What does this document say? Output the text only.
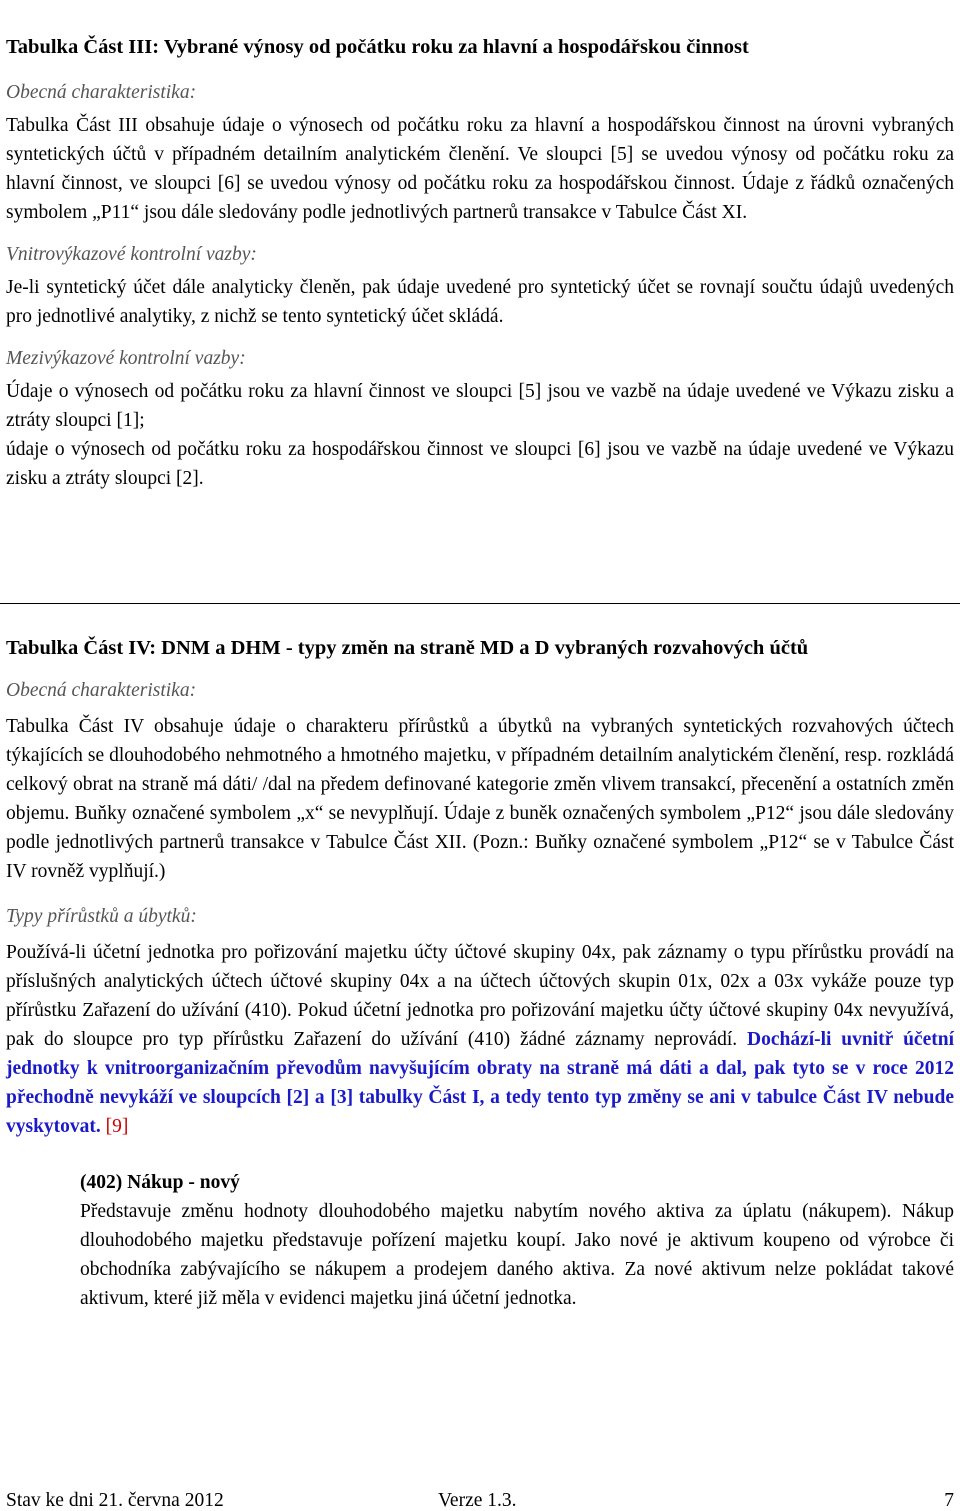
Tabulka Část III: Vybrané výnosy od počátku roku za hlavní a hospodářskou činnost

Obecná charakteristika:

Tabulka Část III obsahuje údaje o výnosech od počátku roku za hlavní a hospodářskou činnost na úrovni vybraných syntetických účtů v případném detailním analytickém členění. Ve sloupci [5] se uvedou výnosy od počátku roku za hlavní činnost, ve sloupci [6] se uvedou výnosy od počátku roku za hospodářskou činnost. Údaje z řádků označených symbolem „P11“ jsou dále sledovány podle jednotlivých partnerů transakce v Tabulce Část XI.

Vnitrovýkazové kontrolní vazby:

Je-li syntetický účet dále analyticky členěn, pak údaje uvedené pro syntetický účet se rovnají součtu údajů uvedených pro jednotlivé analytiky, z nichž se tento syntetický účet skládá.

Mezivýkazové kontrolní vazby:

Údaje o výnosech od počátku roku za hlavní činnost ve sloupci [5] jsou ve vazbě na údaje uvedené ve Výkazu zisku a ztráty sloupci [1];

údaje o výnosech od počátku roku za hospodářskou činnost ve sloupci [6] jsou ve vazbě na údaje uvedené ve Výkazu zisku a ztráty sloupci [2].

Tabulka Část IV: DNM a DHM - typy změn na straně MD a D vybraných rozvahových účtů

Obecná charakteristika:

Tabulka Část IV obsahuje údaje o charakteru přírůstků a úbytků na vybraných syntetických rozvahových účtech týkajících se dlouhodobého nehmotného a hmotného majetku, v případném detailním analytickém členění, resp. rozkládá celkový obrat na straně má dáti/ /dal na předem definované kategorie změn vlivem transakcí, přecenění a ostatních změn objemu. Buňky označené symbolem „x“ se nevyplňují. Údaje z buněk označených symbolem „P12“ jsou dále sledovány podle jednotlivých partnerů transakce v Tabulce Část XII. (Pozn.: Buňky označené symbolem „P12“ se v Tabulce Část IV rovněž vyplňují.)

Typy přírůstků a úbytků:

Používá-li účetní jednotka pro pořizování majetku účty účtové skupiny 04x, pak záznamy o typu přírůstku provádí na příslušných analytických účtech účtové skupiny 04x a na účtech účtových skupin 01x, 02x a 03x vykáže pouze typ přírůstku Zařazení do užívání (410). Pokud účetní jednotka pro pořizování majetku účty účtové skupiny 04x nevyužívá, pak do sloupce pro typ přírůstku Zařazení do užívání (410) žádné záznamy neprovádí. Dochází-li uvnitř účetní jednotky k vnitroorganizačním převodům navyšujícím obraty na straně má dáti a dal, pak tyto se v roce 2012 přechodně nevykáží ve sloupcích [2] a [3] tabulky Část I, a tedy tento typ změny se ani v tabulce Část IV nebude vyskytovat. [9]

(402) Nákup - nový

Představuje změnu hodnoty dlouhodobého majetku nabytím nového aktiva za úplatu (nákupem). Nákup dlouhodobého majetku představuje pořízení majetku koupí. Jako nové je aktivum koupeno od výrobce či obchodníka zabývajícího se nákupem a prodejem daného aktiva. Za nové aktivum nelze pokládat takové aktivum, které již měla v evidenci majetku jiná účetní jednotka.

Stav ke dni 21. června 2012	Verze 1.3.	7
